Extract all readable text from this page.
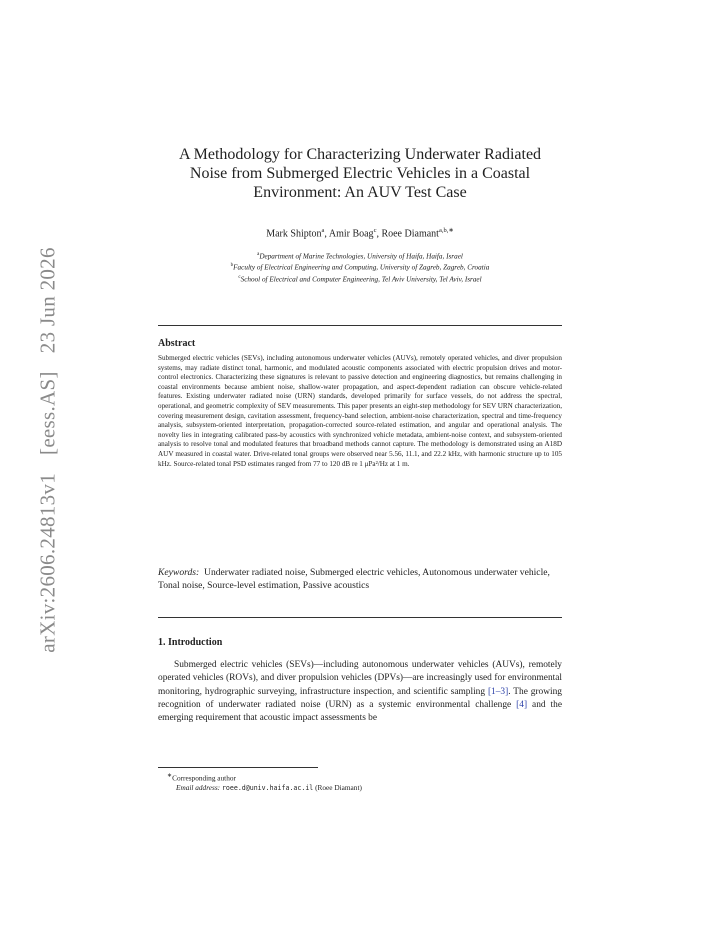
arXiv:2606.24813v1[eess.AS]23 Jun 2026
A Methodology for Characterizing Underwater Radiated
Noise from Submerged Electric Vehicles in a Coastal
Environment: An AUV Test Case
Mark Shipton$^a$, Amir Boag$^c$, Roee Diamant$^{a,b,∗}$
$^a$Department of Marine Technologies, University of Haifa, Haifa, Israel
$^b$Faculty of Electrical Engineering and Computing, University of Zagreb, Zagreb, Croatia
$^c$School of Electrical and Computer Engineering, Tel Aviv University, Tel Aviv, Israel
Abstract
Submerged electric vehicles (SEVs), including autonomous underwater vehicles (AUVs), remotely operated vehicles, and diver propulsion systems, may radiate distinct tonal, harmonic, and modulated acoustic components associated with electric propulsion drives and motor-control electronics. Characterizing these signatures is relevant to passive detection and engineering diagnostics, but remains challenging in coastal environments because ambient noise, shallow-water propagation, and aspect-dependent radiation can obscure vehicle-related features. Existing underwater radiated noise (URN) standards, developed primarily for surface vessels, do not address the spectral, operational, and geometric complexity of SEV measurements. This paper presents an eight-step methodology for SEV URN characterization, covering measurement design, cavitation assessment, frequency-band selection, ambient-noise characterization, spectral and time-frequency analysis, subsystem-oriented interpretation, propagation-corrected source-related estimation, and angular and operational analysis. The novelty lies in integrating calibrated pass-by acoustics with synchronized vehicle metadata, ambient-noise context, and subsystem-oriented analysis to resolve tonal and modulated features that broadband methods cannot capture. The methodology is demonstrated using an A18D AUV measured in coastal water. Drive-related tonal groups were observed near 5.56, 11.1, and 22.2 kHz, with harmonic structure up to 105 kHz. Source-related tonal PSD estimates ranged from 77 to 120 dB re 1 μPa²/Hz at 1 m.
Keywords: Underwater radiated noise, Submerged electric vehicles, Autonomous underwater vehicle, Tonal noise, Source-level estimation, Passive acoustics
1. Introduction
Submerged electric vehicles (SEVs)—including autonomous underwater vehicles (AUVs), remotely operated vehicles (ROVs), and diver propulsion vehicles (DPVs)—are increasingly used for environmental monitoring, hydrographic surveying, infrastructure inspection, and scientific sampling [1–3]. The growing recognition of underwater radiated noise (URN) as a systemic environmental challenge [4] and the emerging requirement that acoustic impact assessments be
∗Corresponding author
Email address: roee.d@univ.haifa.ac.il (Roee Diamant)
